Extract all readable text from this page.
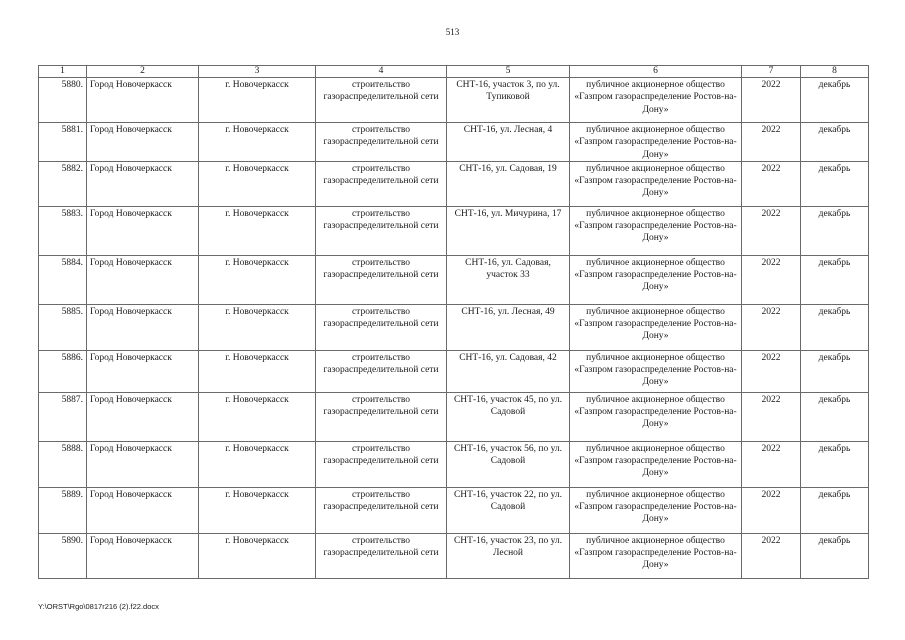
513
1	2	3	4	5	6	7	8
5880.	Город Новочеркасск	г. Новочеркасск	строительство газораспределительной сети	СНТ-16, участок 3, по ул. Тупиковой	публичное акционерное общество «Газпром газораспределение Ростов-на-Дону»	2022	декабрь
5881.	Город Новочеркасск	г. Новочеркасск	строительство газораспределительной сети	СНТ-16, ул. Лесная, 4	публичное акционерное общество «Газпром газораспределение Ростов-на-Дону»	2022	декабрь
5882.	Город Новочеркасск	г. Новочеркасск	строительство газораспределительной сети	СНТ-16, ул. Садовая, 19	публичное акционерное общество «Газпром газораспределение Ростов-на-Дону»	2022	декабрь
5883.	Город Новочеркасск	г. Новочеркасск	строительство газораспределительной сети	СНТ-16, ул. Мичурина, 17	публичное акционерное общество «Газпром газораспределение Ростов-на-Дону»	2022	декабрь
5884.	Город Новочеркасск	г. Новочеркасск	строительство газораспределительной сети	СНТ-16, ул. Садовая, участок 33	публичное акционерное общество «Газпром газораспределение Ростов-на-Дону»	2022	декабрь
5885.	Город Новочеркасск	г. Новочеркасск	строительство газораспределительной сети	СНТ-16, ул. Лесная, 49	публичное акционерное общество «Газпром газораспределение Ростов-на-Дону»	2022	декабрь
5886.	Город Новочеркасск	г. Новочеркасск	строительство газораспределительной сети	СНТ-16, ул. Садовая, 42	публичное акционерное общество «Газпром газораспределение Ростов-на-Дону»	2022	декабрь
5887.	Город Новочеркасск	г. Новочеркасск	строительство газораспределительной сети	СНТ-16, участок 45, по ул. Садовой	публичное акционерное общество «Газпром газораспределение Ростов-на-Дону»	2022	декабрь
5888.	Город Новочеркасск	г. Новочеркасск	строительство газораспределительной сети	СНТ-16, участок 56, по ул. Садовой	публичное акционерное общество «Газпром газораспределение Ростов-на-Дону»	2022	декабрь
5889.	Город Новочеркасск	г. Новочеркасск	строительство газораспределительной сети	СНТ-16, участок 22, по ул. Садовой	публичное акционерное общество «Газпром газораспределение Ростов-на-Дону»	2022	декабрь
5890.	Город Новочеркасск	г. Новочеркасск	строительство газораспределительной сети	СНТ-16, участок 23, по ул. Лесной	публичное акционерное общество «Газпром газораспределение Ростов-на-Дону»	2022	декабрь
Y:\ORST\Rgo\0817r216 (2).f22.docx
